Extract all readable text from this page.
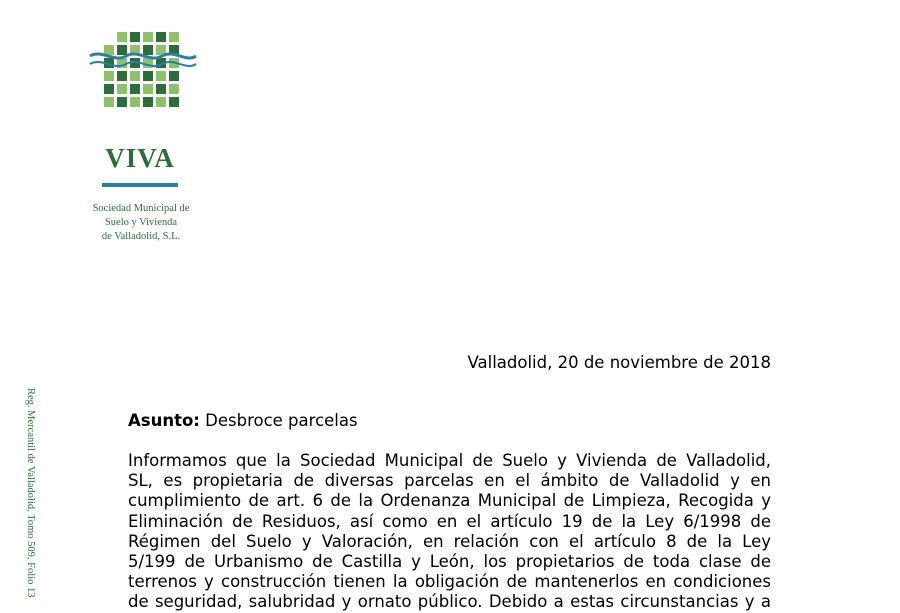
VIVA
Sociedad Municipal de
Suelo y Vivienda
de Valladolid, S.L.
Reg. Mercantil de Valladolid, Tomo 509, Folio 13
Valladolid, 20 de noviembre de 2018
Asunto: Desbroce parcelas
Informamos que la Sociedad Municipal de Suelo y Vivienda de Valladolid,
SL, es propietaria de diversas parcelas en el ámbito de Valladolid y en
cumplimiento de art. 6 de la Ordenanza Municipal de Limpieza, Recogida y
Eliminación de Residuos, así como en el artículo 19 de la Ley 6/1998 de
Régimen del Suelo y Valoración, en relación con el artículo 8 de la Ley
5/199 de Urbanismo de Castilla y León, los propietarios de toda clase de
terrenos y construcción tienen la obligación de mantenerlos en condiciones
de seguridad, salubridad y ornato público. Debido a estas circunstancias y a
